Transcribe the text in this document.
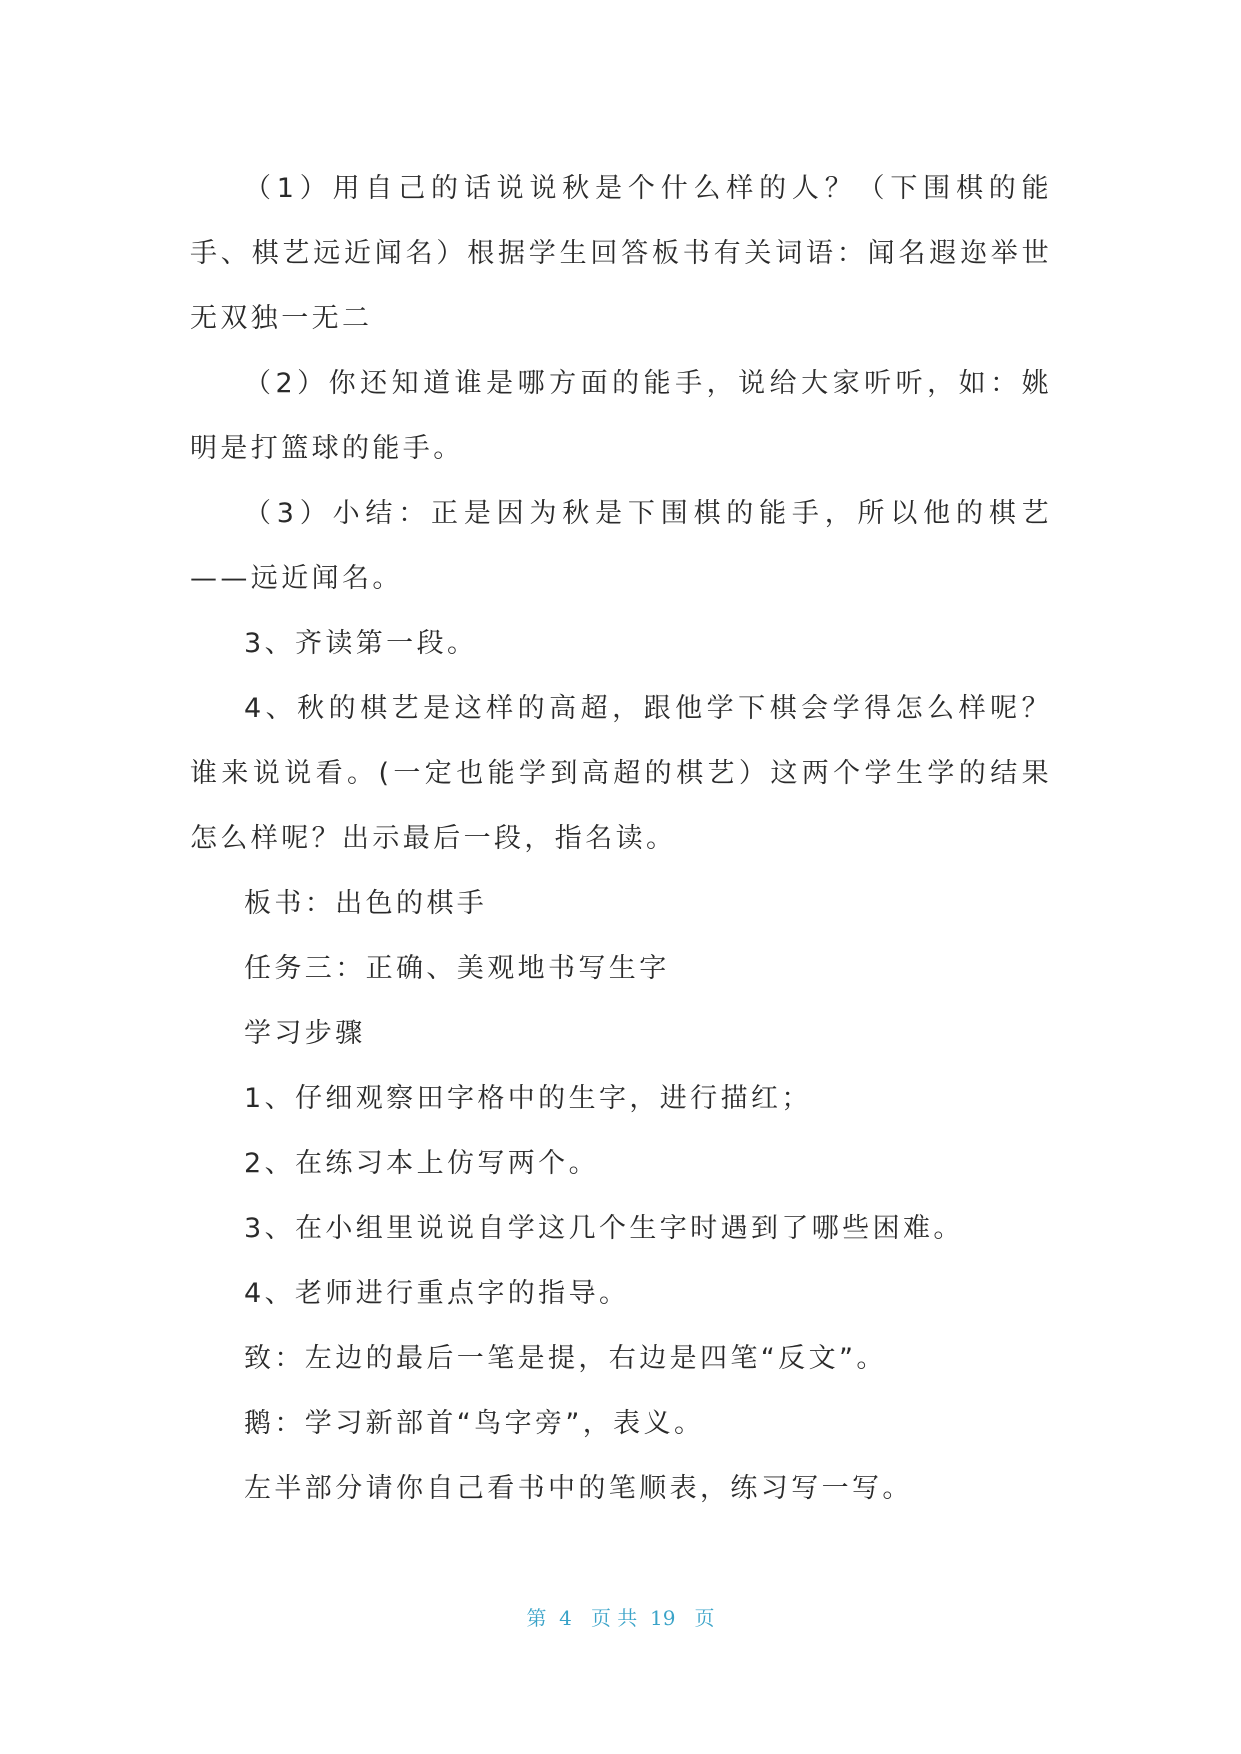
（1）用自己的话说说秋是个什么样的人？（下围棋的能手、棋艺远近闻名）根据学生回答板书有关词语：闻名遐迩举世无双独一无二

（2）你还知道谁是哪方面的能手，说给大家听听，如：姚明是打篮球的能手。

（3）小结：正是因为秋是下围棋的能手，所以他的棋艺——远近闻名。

3、齐读第一段。

4、秋的棋艺是这样的高超，跟他学下棋会学得怎么样呢？谁来说说看。(一定也能学到高超的棋艺）这两个学生学的结果怎么样呢？出示最后一段，指名读。

板书：出色的棋手

任务三：正确、美观地书写生字

学习步骤

1、仔细观察田字格中的生字，进行描红；

2、在练习本上仿写两个。

3、在小组里说说自学这几个生字时遇到了哪些困难。

4、老师进行重点字的指导。

致：左边的最后一笔是提，右边是四笔“反文”。

鹅：学习新部首“鸟字旁”，表义。

左半部分请你自己看书中的笔顺表，练习写一写。

第  4   页 共  19   页
